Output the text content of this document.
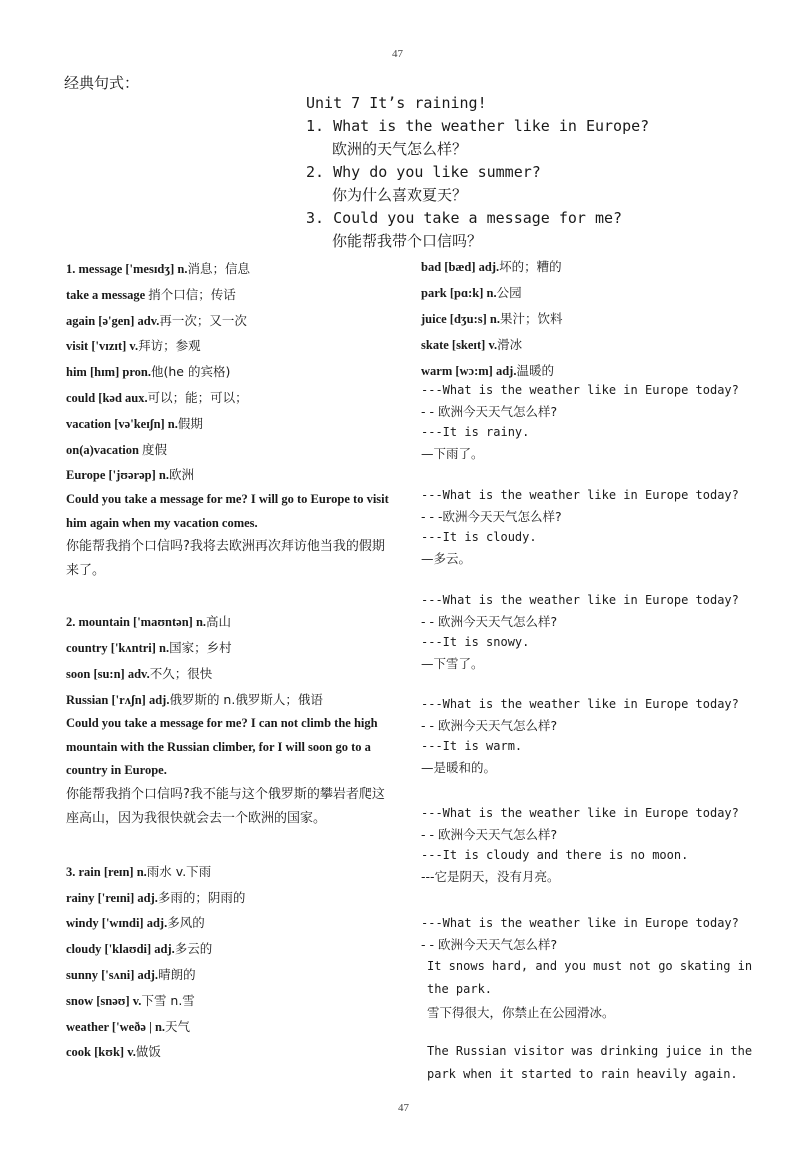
47
经典句式：
Unit 7 It’s raining!
1. What is the weather like in Europe?
欧洲的天气怎么样？
2. Why do you like summer?
你为什么喜欢夏天？
3. Could you take a message for me?
你能帮我带个口信吗？
1. message ['mesɪdʒ] n.消息；信息
take a message 捎个口信；传话
again [ə'gen] adv.再一次；又一次
visit ['vɪzɪt] v.拜访；参观
him [hɪm] pron.他(he 的宾格)
could [kəd aux.可以；能；可以；
vacation [və'keɪʃn] n.假期
on(a)vacation 度假
Europe ['jʊərəp] n.欧洲
Could you take a message for me? I will go to Europe to visit him again when my vacation comes.
你能帮我捎个口信吗?我将去欧洲再次拜访他当我的假期来了。
2. mountain ['maʊntən] n.高山
country ['kʌntri] n.国家；乡村
soon [su:n] adv.不久；很快
Russian ['rʌʃn] adj.俄罗斯的 n.俄罗斯人；俄语
Could you take a message for me? I can not climb the high mountain with the Russian climber, for I will soon go to a country in Europe.
你能帮我捎个口信吗?我不能与这个俄罗斯的攀岩者爬这座高山，因为我很快就会去一个欧洲的国家。
3. rain [reɪn] n.雨水 v.下雨
rainy ['reɪni] adj.多雨的；阴雨的
windy ['wɪndi] adj.多风的
cloudy ['klaʊdi] adj.多云的
sunny ['sʌni] adj.晴朗的
snow [snəʊ] v.下雪 n.雪
weather ['weðə | n.天气
cook [kʊk] v.做饭
bad [bæd] adj.坏的；糟的
park [pɑ:k] n.公园
juice [dʒu:s] n.果汁；饮料
skate [skeɪt] v.滑冰
warm [wɔ:m] adj.温暖的
---What is the weather like in Europe today?
- - 欧洲今天天气怎么样?
---It is rainy.
—下雨了。
---What is the weather like in Europe today?
- - -欧洲今天天气怎么样?
---It is cloudy.
—多云。
---What is the weather like in Europe today?
- - 欧洲今天天气怎么样?
---It is snowy.
—下雪了。
---What is the weather like in Europe today?
- - 欧洲今天天气怎么样?
---It is warm.
—是暖和的。
---What is the weather like in Europe today?
- - 欧洲今天天气怎么样?
---It is cloudy and there is no moon.
---它是阴天，没有月亮。
---What is the weather like in Europe today?
- - 欧洲今天天气怎么样?
It snows hard, and you must not go skating in the park.
雪下得很大，你禁止在公园滑冰。
The Russian visitor was drinking juice in the park when it started to rain heavily again.
47
